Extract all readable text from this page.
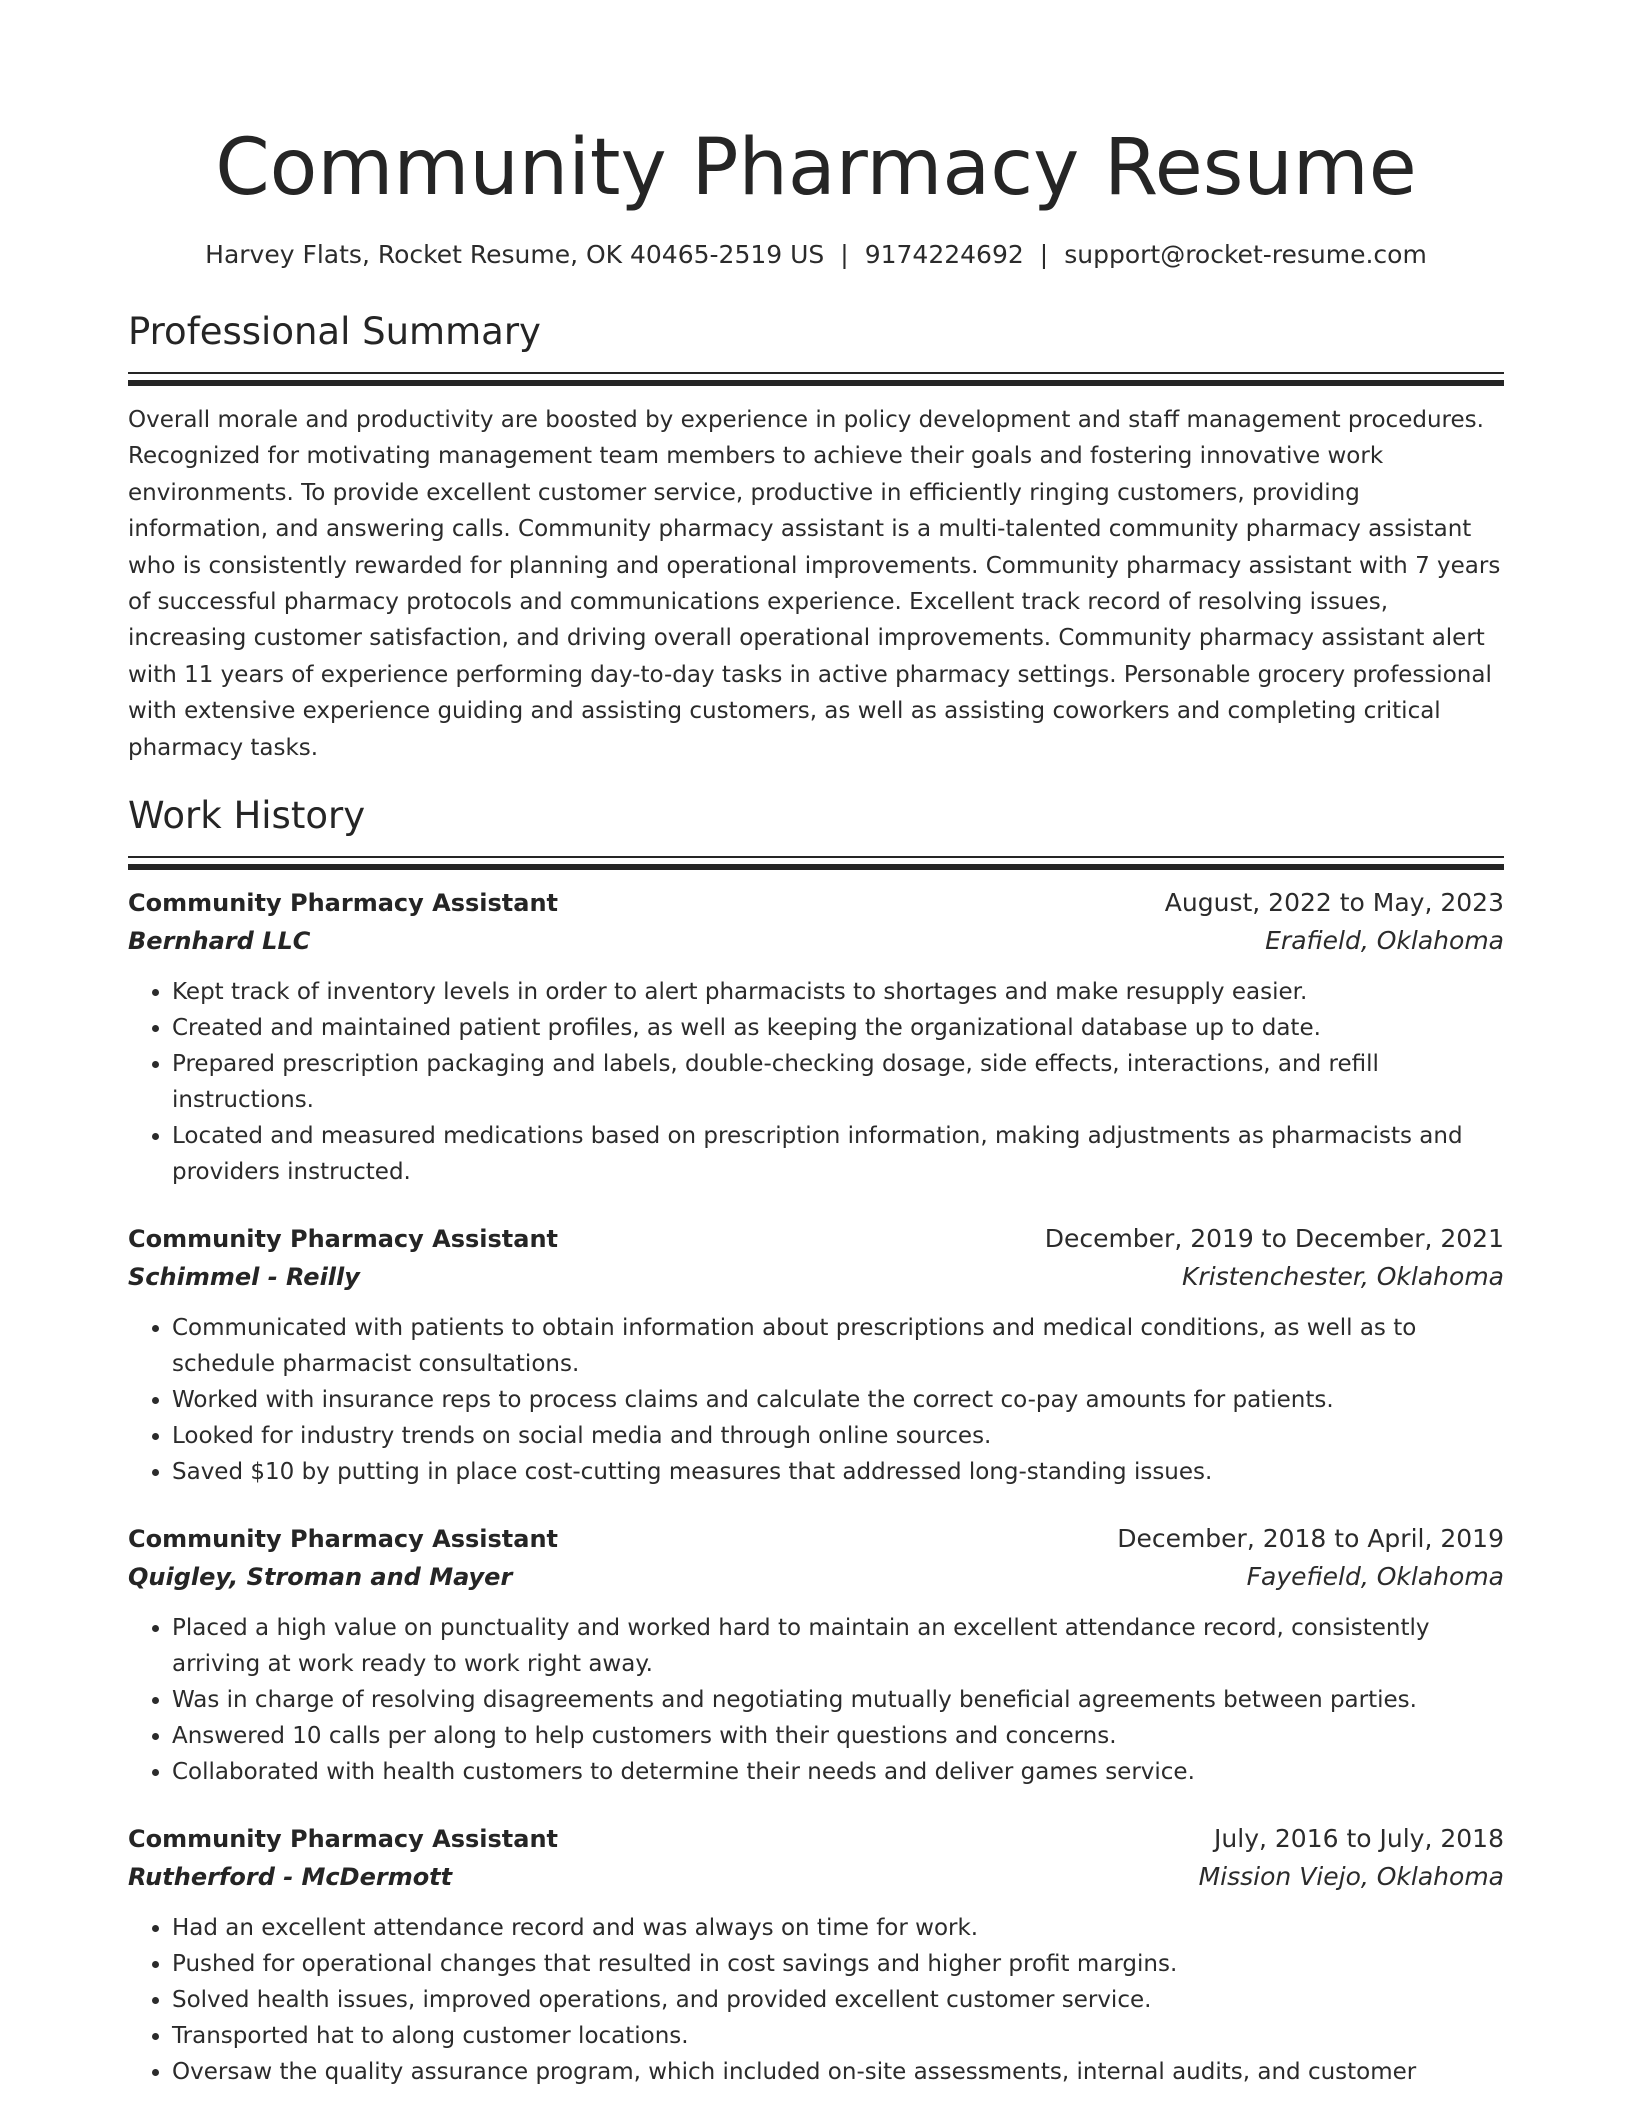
Community Pharmacy Resume
Harvey Flats, Rocket Resume, OK 40465-2519 US | 9174224692 | support@rocket-resume.com
Professional Summary

Overall morale and productivity are boosted by experience in policy development and staff management procedures. Recognized for motivating management team members to achieve their goals and fostering innovative work environments. To provide excellent customer service, productive in efficiently ringing customers, providing information, and answering calls. Community pharmacy assistant is a multi-talented community pharmacy assistant who is consistently rewarded for planning and operational improvements. Community pharmacy assistant with 7 years of successful pharmacy protocols and communications experience. Excellent track record of resolving issues, increasing customer satisfaction, and driving overall operational improvements. Community pharmacy assistant alert with 11 years of experience performing day-to-day tasks in active pharmacy settings. Personable grocery professional with extensive experience guiding and assisting customers, as well as assisting coworkers and completing critical pharmacy tasks.

Work History
Community Pharmacy Assistant	August, 2022 to May, 2023
Bernhard LLC	Erafield, Oklahoma
• Kept track of inventory levels in order to alert pharmacists to shortages and make resupply easier.
• Created and maintained patient profiles, as well as keeping the organizational database up to date.
• Prepared prescription packaging and labels, double-checking dosage, side effects, interactions, and refill instructions.
• Located and measured medications based on prescription information, making adjustments as pharmacists and providers instructed.
Community Pharmacy Assistant	December, 2019 to December, 2021
Schimmel - Reilly	Kristenchester, Oklahoma
• Communicated with patients to obtain information about prescriptions and medical conditions, as well as to schedule pharmacist consultations.
• Worked with insurance reps to process claims and calculate the correct co-pay amounts for patients.
• Looked for industry trends on social media and through online sources.
• Saved $10 by putting in place cost-cutting measures that addressed long-standing issues.
Community Pharmacy Assistant	December, 2018 to April, 2019
Quigley, Stroman and Mayer	Fayefield, Oklahoma
• Placed a high value on punctuality and worked hard to maintain an excellent attendance record, consistently arriving at work ready to work right away.
• Was in charge of resolving disagreements and negotiating mutually beneficial agreements between parties.
• Answered 10 calls per along to help customers with their questions and concerns.
• Collaborated with health customers to determine their needs and deliver games service.
Community Pharmacy Assistant	July, 2016 to July, 2018
Rutherford - McDermott	Mission Viejo, Oklahoma
• Had an excellent attendance record and was always on time for work.
• Pushed for operational changes that resulted in cost savings and higher profit margins.
• Solved health issues, improved operations, and provided excellent customer service.
• Transported hat to along customer locations.
• Oversaw the quality assurance program, which included on-site assessments, internal audits, and customer
